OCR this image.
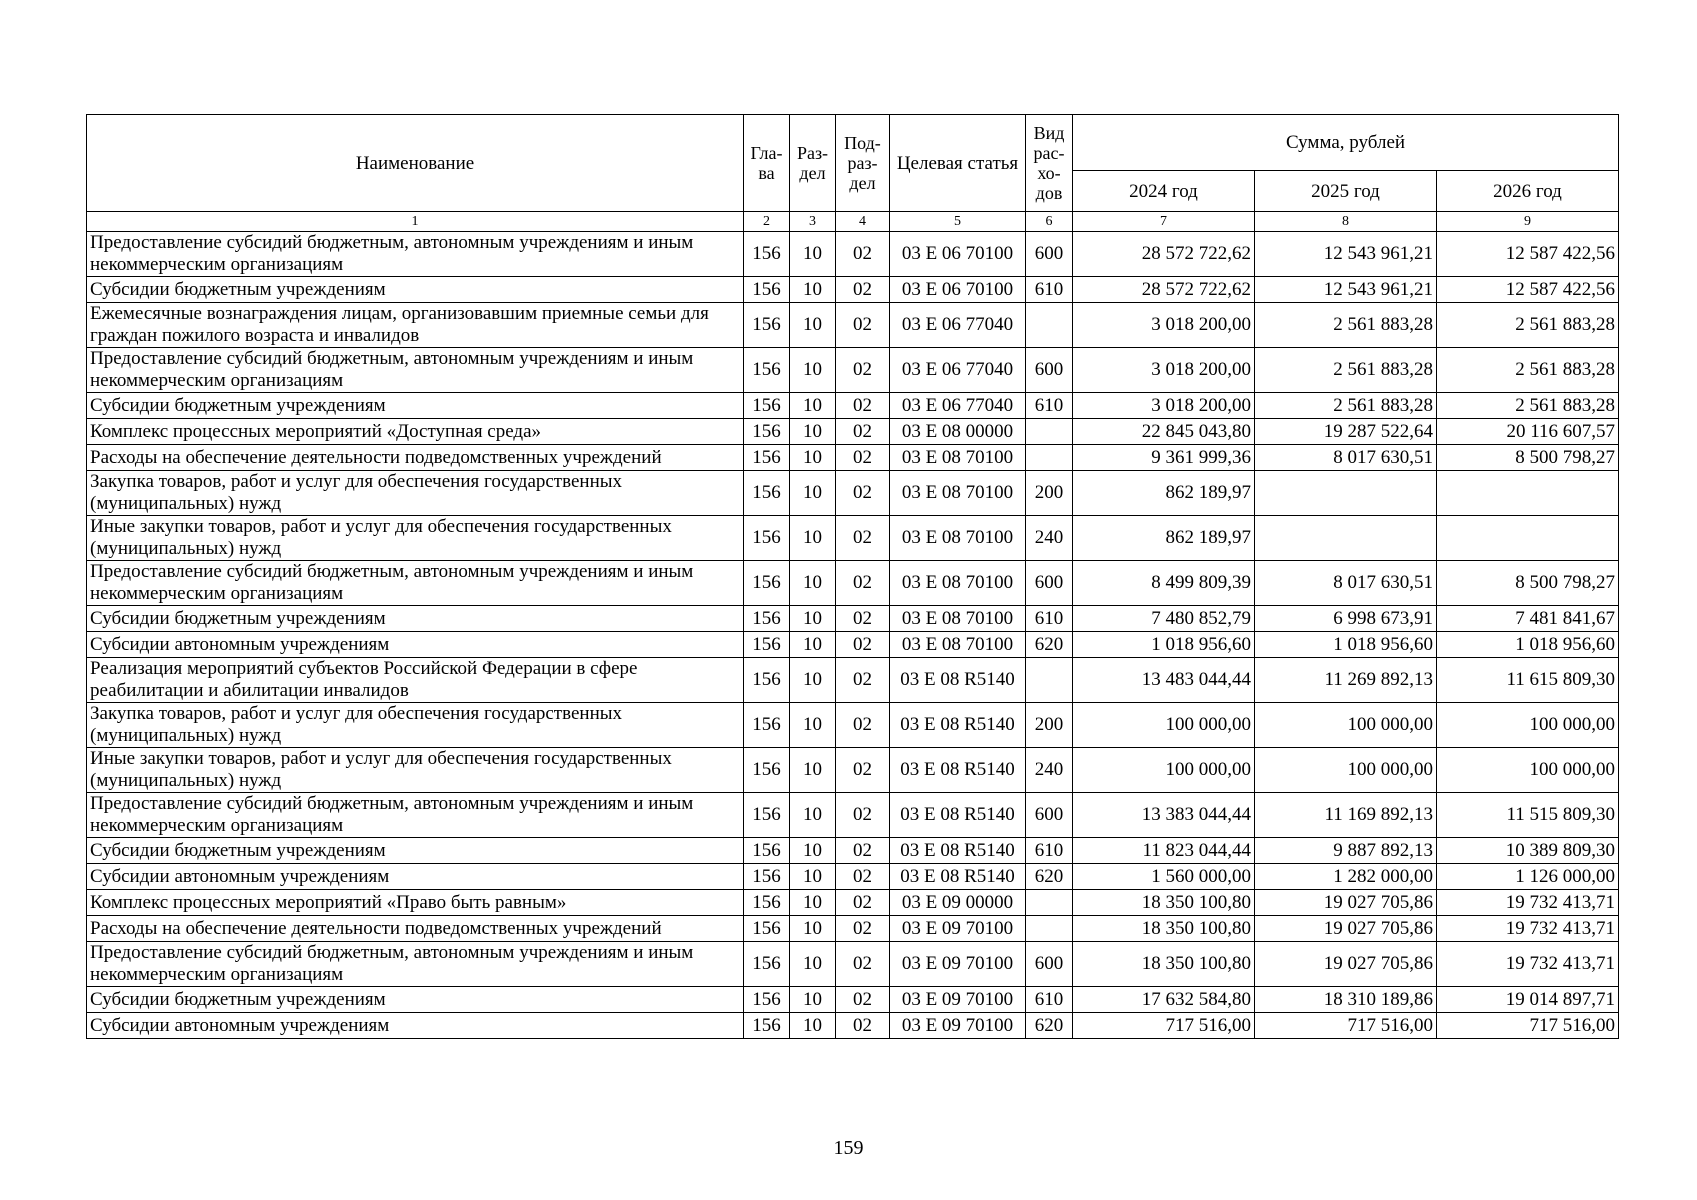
Наименование	Гла-ва	Раз-дел	Под-раз-дел	Целевая статья	Вид рас-хо-дов	Сумма, рублей		
						2024 год	2025 год	2026 год
1	2	3	4	5	6	7	8	9
Предоставление субсидий бюджетным, автономным учреждениям и иным некоммерческим организациям	156	10	02	03 Е 06 70100	600	28 572 722,62	12 543 961,21	12 587 422,56
Субсидии бюджетным учреждениям	156	10	02	03 Е 06 70100	610	28 572 722,62	12 543 961,21	12 587 422,56
Ежемесячные вознаграждения лицам, организовавшим приемные семьи для граждан пожилого возраста и инвалидов	156	10	02	03 Е 06 77040		3 018 200,00	2 561 883,28	2 561 883,28
Предоставление субсидий бюджетным, автономным учреждениям и иным некоммерческим организациям	156	10	02	03 Е 06 77040	600	3 018 200,00	2 561 883,28	2 561 883,28
Субсидии бюджетным учреждениям	156	10	02	03 Е 06 77040	610	3 018 200,00	2 561 883,28	2 561 883,28
Комплекс процессных мероприятий «Доступная среда»	156	10	02	03 Е 08 00000		22 845 043,80	19 287 522,64	20 116 607,57
Расходы на обеспечение деятельности подведомственных учреждений	156	10	02	03 Е 08 70100		9 361 999,36	8 017 630,51	8 500 798,27
Закупка товаров, работ и услуг для обеспечения государственных (муниципальных) нужд	156	10	02	03 Е 08 70100	200	862 189,97		
Иные закупки товаров, работ и услуг для обеспечения государственных (муниципальных) нужд	156	10	02	03 Е 08 70100	240	862 189,97		
Предоставление субсидий бюджетным, автономным учреждениям и иным некоммерческим организациям	156	10	02	03 Е 08 70100	600	8 499 809,39	8 017 630,51	8 500 798,27
Субсидии бюджетным учреждениям	156	10	02	03 Е 08 70100	610	7 480 852,79	6 998 673,91	7 481 841,67
Субсидии автономным учреждениям	156	10	02	03 Е 08 70100	620	1 018 956,60	1 018 956,60	1 018 956,60
Реализация мероприятий субъектов Российской Федерации в сфере реабилитации и абилитации инвалидов	156	10	02	03 Е 08 R5140		13 483 044,44	11 269 892,13	11 615 809,30
Закупка товаров, работ и услуг для обеспечения государственных (муниципальных) нужд	156	10	02	03 Е 08 R5140	200	100 000,00	100 000,00	100 000,00
Иные закупки товаров, работ и услуг для обеспечения государственных (муниципальных) нужд	156	10	02	03 Е 08 R5140	240	100 000,00	100 000,00	100 000,00
Предоставление субсидий бюджетным, автономным учреждениям и иным некоммерческим организациям	156	10	02	03 Е 08 R5140	600	13 383 044,44	11 169 892,13	11 515 809,30
Субсидии бюджетным учреждениям	156	10	02	03 Е 08 R5140	610	11 823 044,44	9 887 892,13	10 389 809,30
Субсидии автономным учреждениям	156	10	02	03 Е 08 R5140	620	1 560 000,00	1 282 000,00	1 126 000,00
Комплекс процессных мероприятий «Право быть равным»	156	10	02	03 Е 09 00000		18 350 100,80	19 027 705,86	19 732 413,71
Расходы на обеспечение деятельности подведомственных учреждений	156	10	02	03 Е 09 70100		18 350 100,80	19 027 705,86	19 732 413,71
Предоставление субсидий бюджетным, автономным учреждениям и иным некоммерческим организациям	156	10	02	03 Е 09 70100	600	18 350 100,80	19 027 705,86	19 732 413,71
Субсидии бюджетным учреждениям	156	10	02	03 Е 09 70100	610	17 632 584,80	18 310 189,86	19 014 897,71
Субсидии автономным учреждениям	156	10	02	03 Е 09 70100	620	717 516,00	717 516,00	717 516,00
159
